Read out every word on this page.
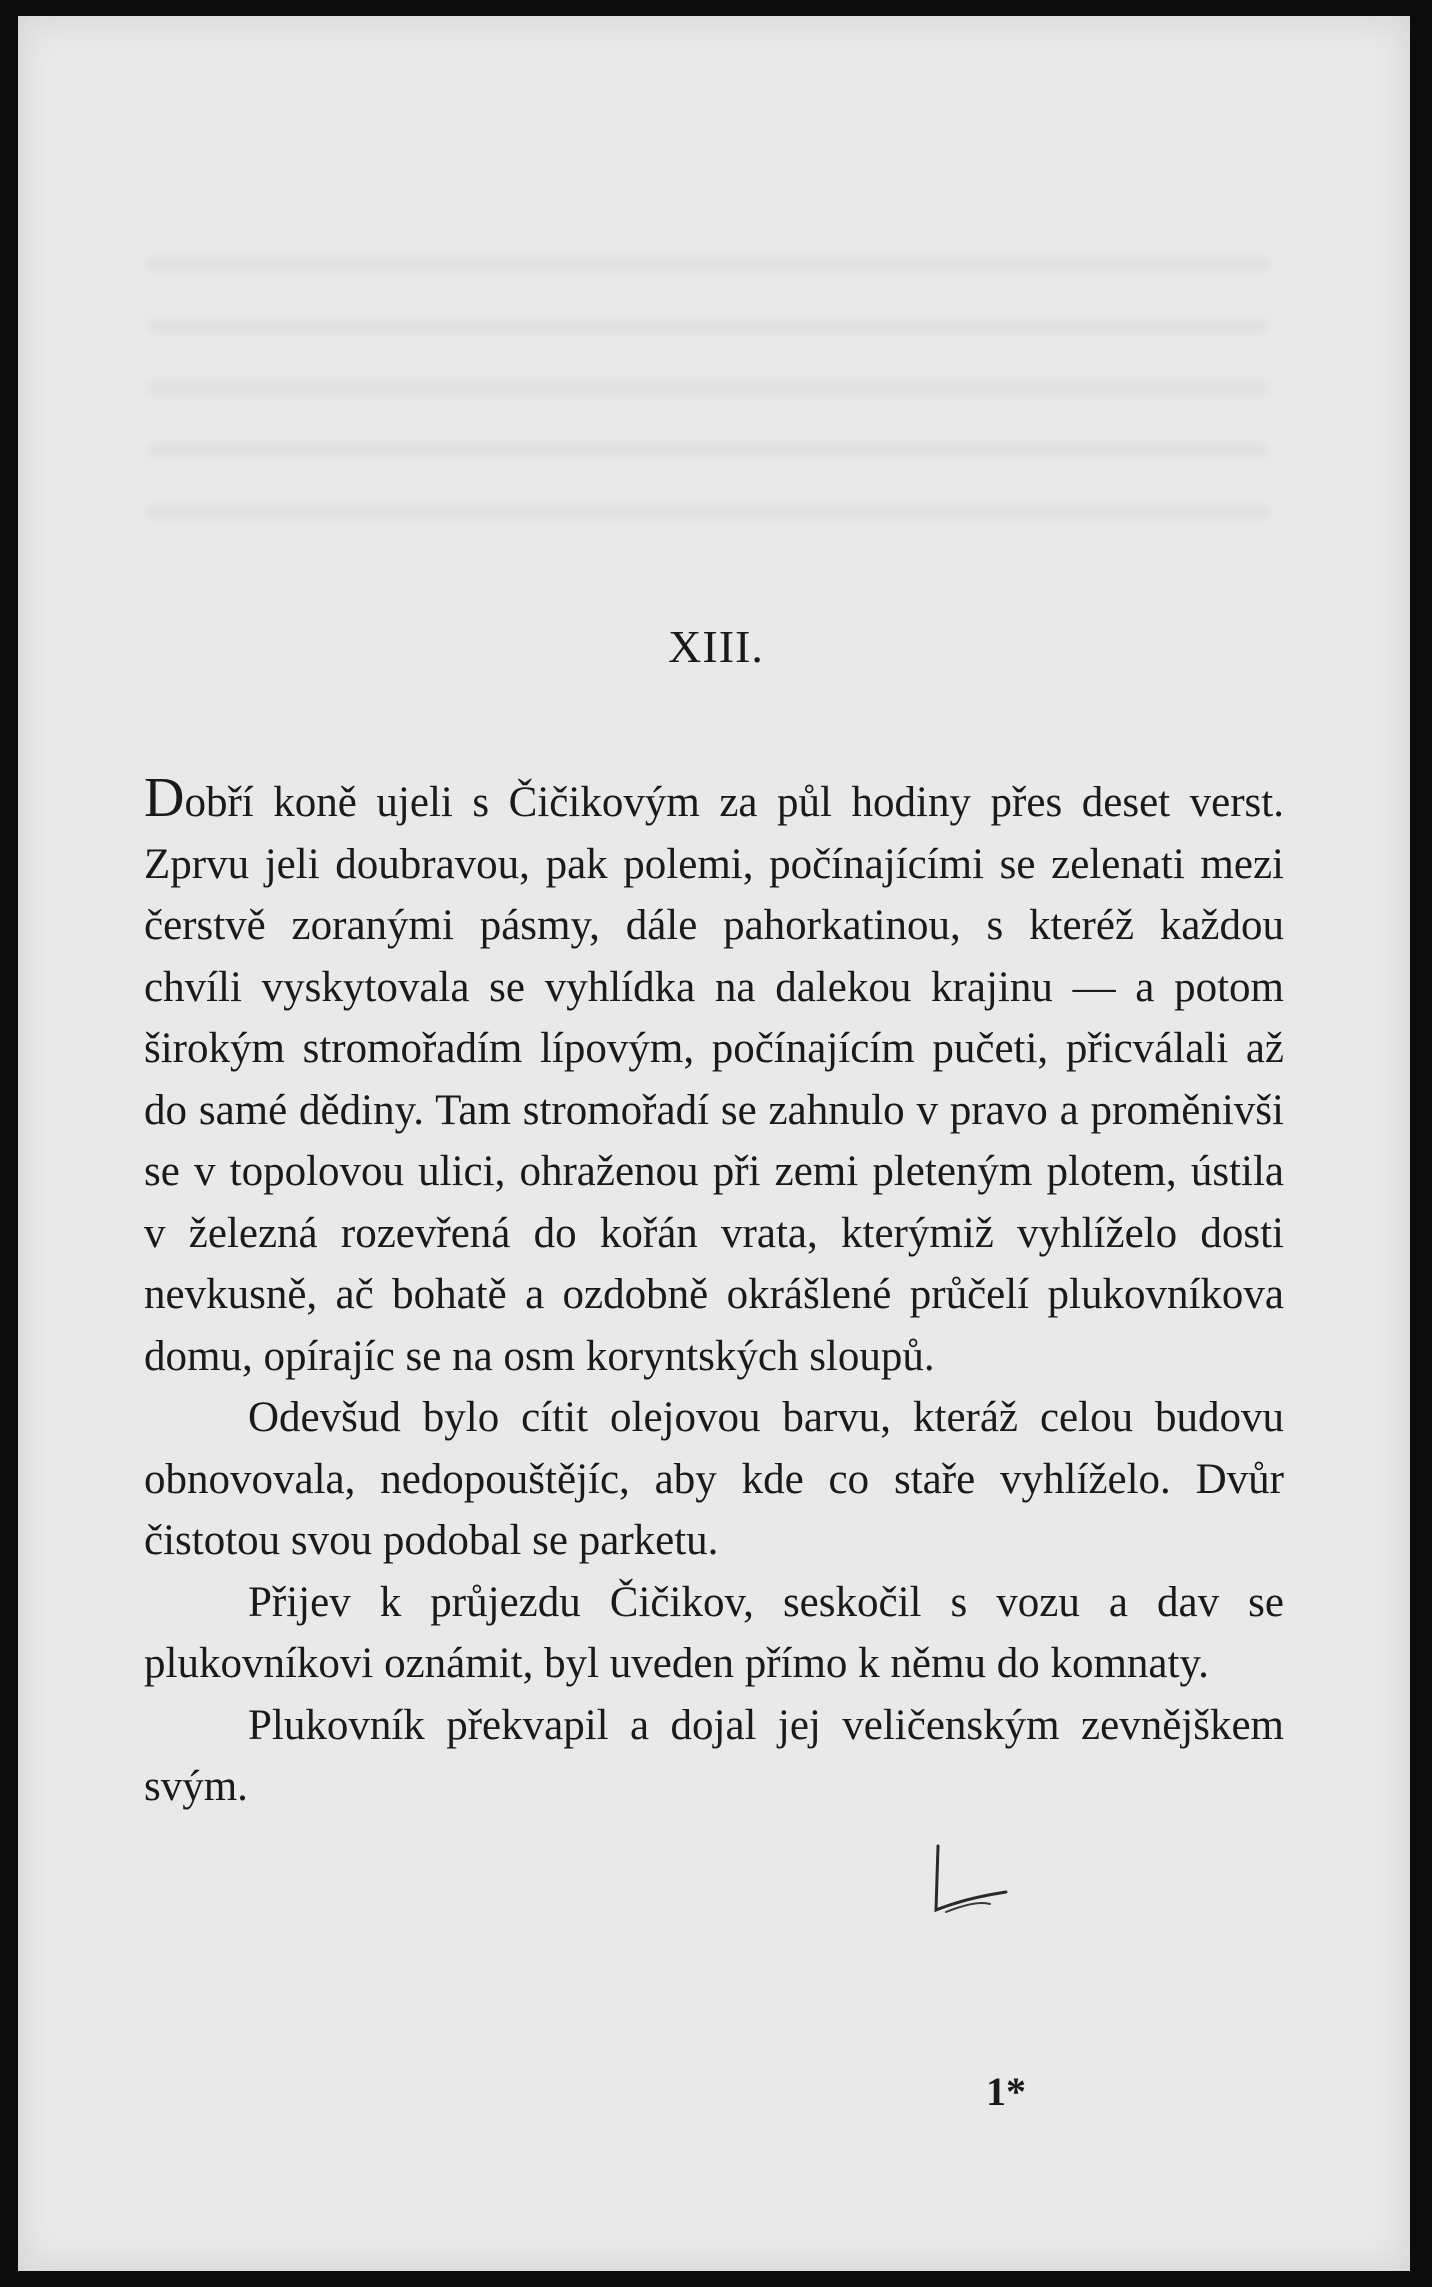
XIII.

Dobří koně ujeli s Čičikovým za půl hodiny přes deset verst. Zprvu jeli doubravou, pak polemi, počínajícími se zelenati mezi čerstvě zoranými pásmy, dále pahorkatinou, s kteréž každou chvíli vyskytovala se vyhlídka na dalekou krajinu — a potom širokým stromořadím lípovým, počínajícím pučeti, přicválali až do samé dědiny. Tam stromořadí se zahnulo v pravo a proměnivši se v topolovou ulici, ohraženou při zemi pleteným plotem, ústila v železná rozevřená do kořán vrata, kterýmiž vyhlíželo dosti nevkusně, ač bohatě a ozdobně okrášlené průčelí plukovníkova domu, opírajíc se na osm koryntských sloupů.

Odevšud bylo cítit olejovou barvu, kteráž celou budovu obnovovala, nedopouštějíc, aby kde co staře vyhlíželo. Dvůr čistotou svou podobal se parketu.

Přijev k průjezdu Čičikov, seskočil s vozu a dav se plukovníkovi oznámit, byl uveden přímo k němu do komnaty.

Plukovník překvapil a dojal jej veličenským zevnějškem svým.

1*
